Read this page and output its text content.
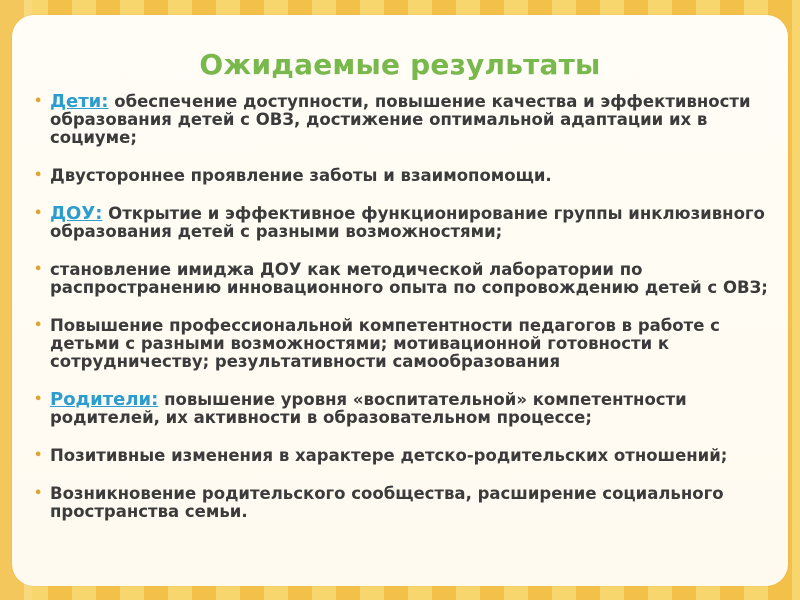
Ожидаемые результаты
• Дети: обеспечение доступности, повышение качества и эффективности образования детей с ОВЗ, достижение оптимальной адаптации их в социуме;
• Двустороннее проявление заботы и взаимопомощи.
• ДОУ: Открытие и эффективное функционирование группы инклюзивного образования детей с разными возможностями;
• становление имиджа ДОУ как методической лаборатории по распространению инновационного опыта по сопровождению детей с ОВЗ;
• Повышение профессиональной компетентности педагогов в работе с детьми с разными возможностями; мотивационной готовности к сотрудничеству; результативности самообразования
• Родители: повышение уровня «воспитательной» компетентности родителей, их активности в образовательном процессе;
• Позитивные изменения в характере детско-родительских отношений;
• Возникновение родительского сообщества, расширение социального пространства семьи.
